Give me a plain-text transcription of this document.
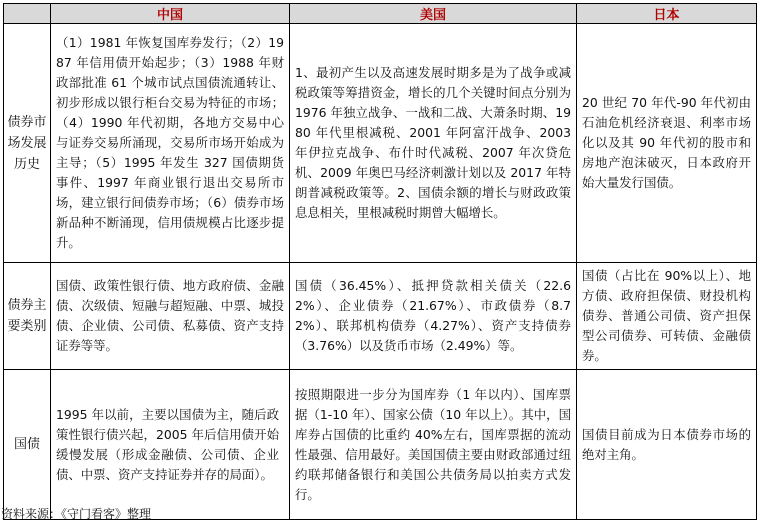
	中国	美国	日本
债券市场发展历史	（1）1981 年恢复国库券发行；（2）1987 年信用债开始起步；（3）1988 年财政部批准 61 个城市试点国债流通转让、初步形成以银行柜台交易为特征的市场；（4）1990 年代初期，各地方交易中心与证券交易所涌现，交易所市场开始成为主导；（5）1995 年发生 327 国债期货事件、1997 年商业银行退出交易所市场，建立银行间债券市场；（6）债券市场新品种不断涌现，信用债规模占比逐步提升。	1、最初产生以及高速发展时期多是为了战争或减税政策等筹措资金，增长的几个关键时间点分别为 1976 年独立战争、一战和二战、大萧条时期、1980 年代里根减税、2001 年阿富汗战争、2003 年伊拉克战争、布什时代减税、2007 年次贷危机、2009 年奥巴马经济刺激计划以及 2017 年特朗普减税政策等。2、国债余额的增长与财政政策息息相关，里根减税时期曾大幅增长。	20 世纪 70 年代-90 年代初由石油危机经济衰退、利率市场化以及其 90 年代初的股市和房地产泡沫破灭，日本政府开始大量发行国债。
债券主要类别	国债、政策性银行债、地方政府债、金融债、次级债、短融与超短融、中票、城投债、企业债、公司债、私募债、资产支持证券等等。	国债（36.45%）、抵押贷款相关债关（22.62%）、企业债券（21.67%）、市政债券（8.72%）、联邦机构债券（4.27%）、资产支持债券（3.76%）以及货币市场（2.49%）等。	国债（占比在 90%以上）、地方债、政府担保债、财投机构债券、普通公司债、资产担保型公司债券、可转债、金融债券。
国债	1995 年以前，主要以国债为主，随后政策性银行债兴起，2005 年后信用债开始缓慢发展（形成金融债、公司债、企业债、中票、资产支持证券并存的局面）。	按照期限进一步分为国库券（1 年以内）、国库票据（1-10 年）、国家公债（10 年以上）。其中，国库券占国债的比重约 40%左右，国库票据的流动性最强、信用最好。美国国债主要由财政部通过纽约联邦储备银行和美国公共债务局以拍卖方式发行。	国债目前成为日本债券市场的绝对主角。
资料来源：《守门看客》整理
